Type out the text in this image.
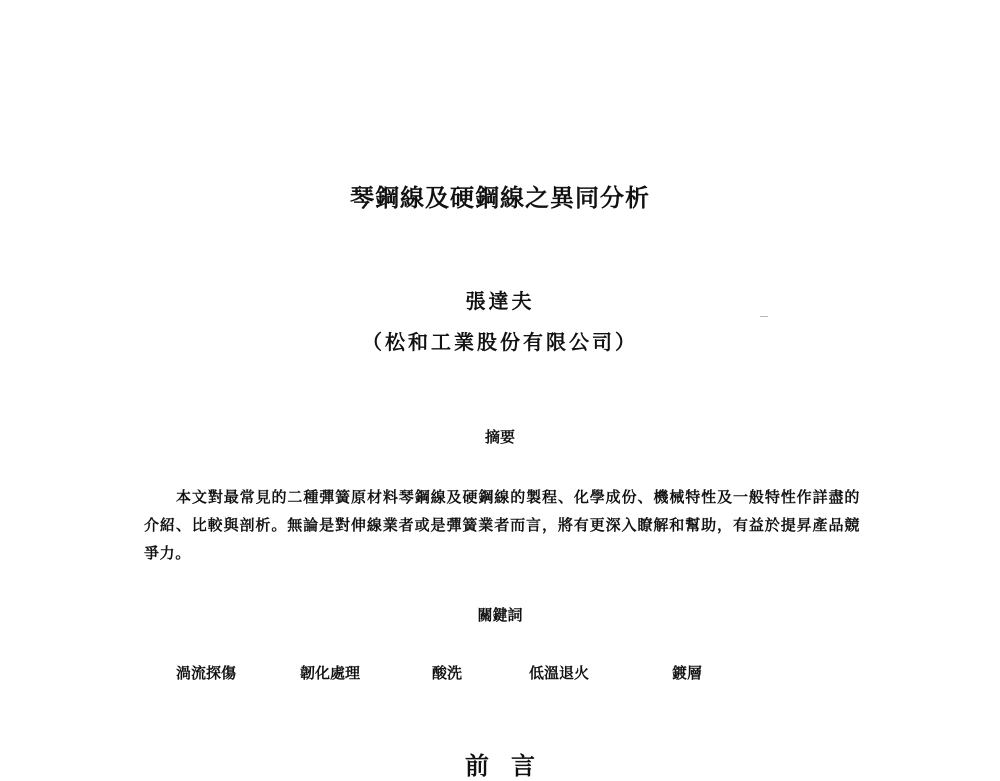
琴鋼線及硬鋼線之異同分析
張達夫
（松和工業股份有限公司）
摘要
本文對最常見的二種彈簧原材料琴鋼線及硬鋼線的製程、化學成份、機械特性及一般特性作詳盡的介紹、比較與剖析。無論是對伸線業者或是彈簧業者而言，將有更深入瞭解和幫助，有益於提昇產品競爭力。
關鍵詞
渦流探傷	韌化處理	酸洗	低溫退火	鍍層
前言
